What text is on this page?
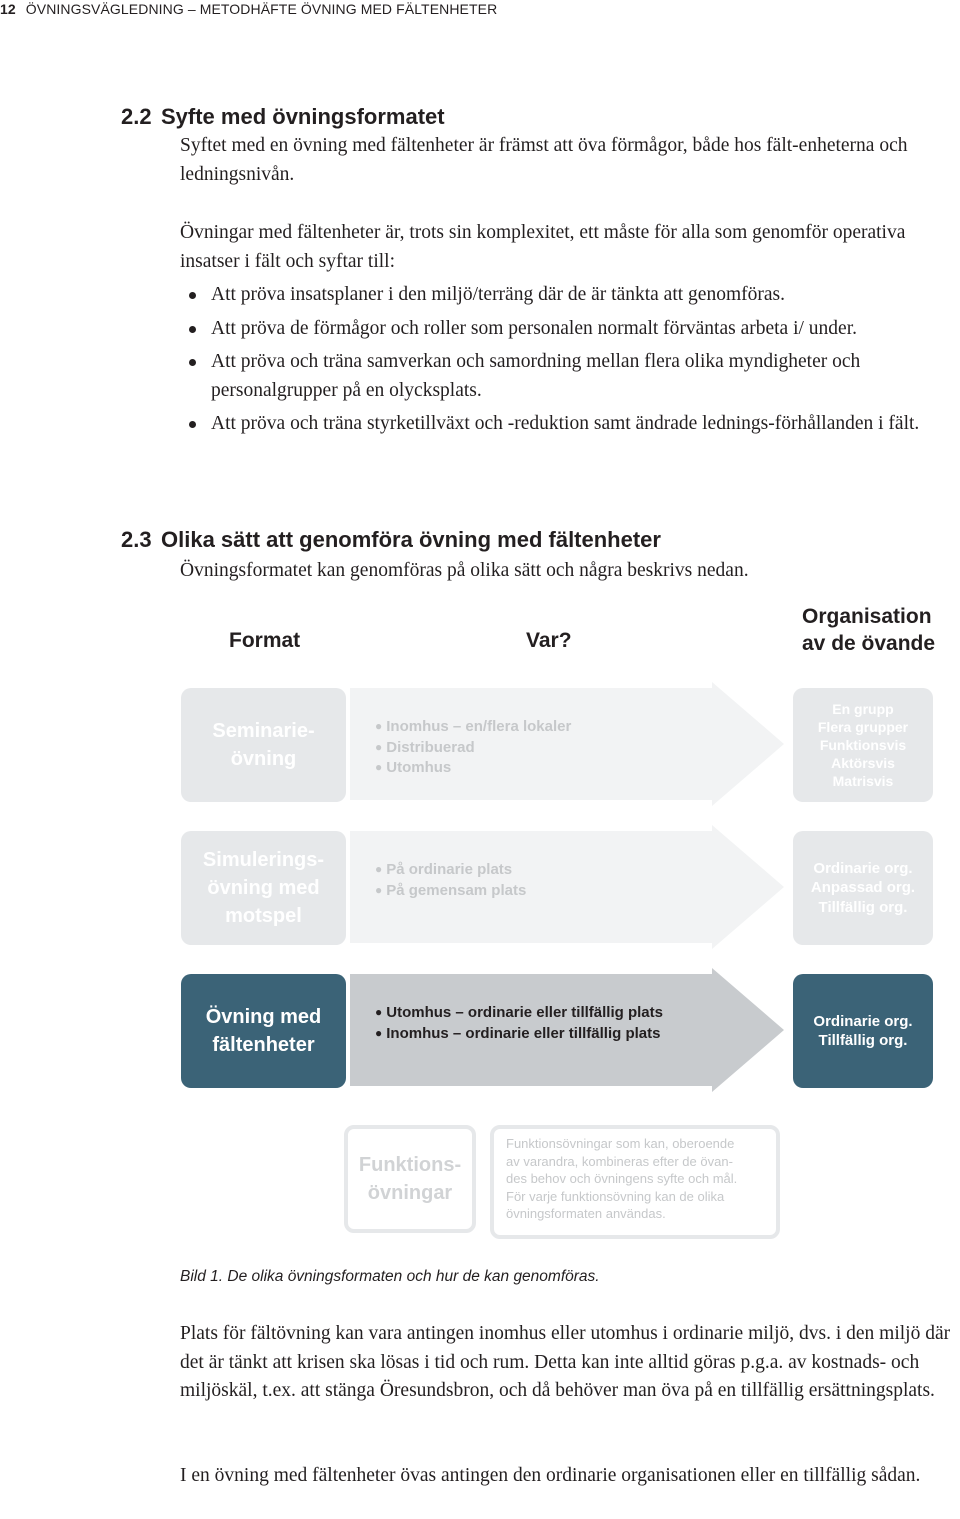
12 ÖVNINGSVÄGLEDNING – METODHÄFTE ÖVNING MED FÄLTENHETER
2.2 Syfte med övningsformatet
Syftet med en övning med fältenheter är främst att öva förmågor, både hos fält-enheterna och ledningsnivån.
Övningar med fältenheter är, trots sin komplexitet, ett måste för alla som genomför operativa insatser i fält och syftar till:
Att pröva insatsplaner i den miljö/terräng där de är tänkta att genomföras.
Att pröva de förmågor och roller som personalen normalt förväntas arbeta i/ under.
Att pröva och träna samverkan och samordning mellan flera olika myndigheter och personalgrupper på en olycksplats.
Att pröva och träna styrketillväxt och -reduktion samt ändrade lednings-förhållanden i fält.
2.3 Olika sätt att genomföra övning med fältenheter
Övningsformatet kan genomföras på olika sätt och några beskrivs nedan.
Format	Var?
Organisation
av de övande
Seminarie-
övning
● Inomhus – en/flera lokaler
● Distribuerad
● Utomhus
En grupp
Flera grupper
Funktionsvis
Aktörsvis
Matrisvis
Simulerings-
övning med
motspel
● På ordinarie plats
● På gemensam plats
Ordinarie org.
Anpassad org.
Tillfällig org.
Övning med
fältenheter
● Utomhus – ordinarie eller tillfällig plats
● Inomhus – ordinarie eller tillfällig plats
Ordinarie org.
Tillfällig org.
Funktions-
övningar
Funktionsövningar som kan, oberoende
av varandra, kombineras efter de övan-
des behov och övningens syfte och mål.
För varje funktionsövning kan de olika
övningsformaten användas.
Bild 1. De olika övningsformaten och hur de kan genomföras.
Plats för fältövning kan vara antingen inomhus eller utomhus i ordinarie miljö, dvs. i den miljö där det är tänkt att krisen ska lösas i tid och rum. Detta kan inte alltid göras p.g.a. av kostnads- och miljöskäl, t.ex. att stänga Öresundsbron, och då behöver man öva på en tillfällig ersättningsplats.
I en övning med fältenheter övas antingen den ordinarie organisationen eller en tillfällig sådan.
